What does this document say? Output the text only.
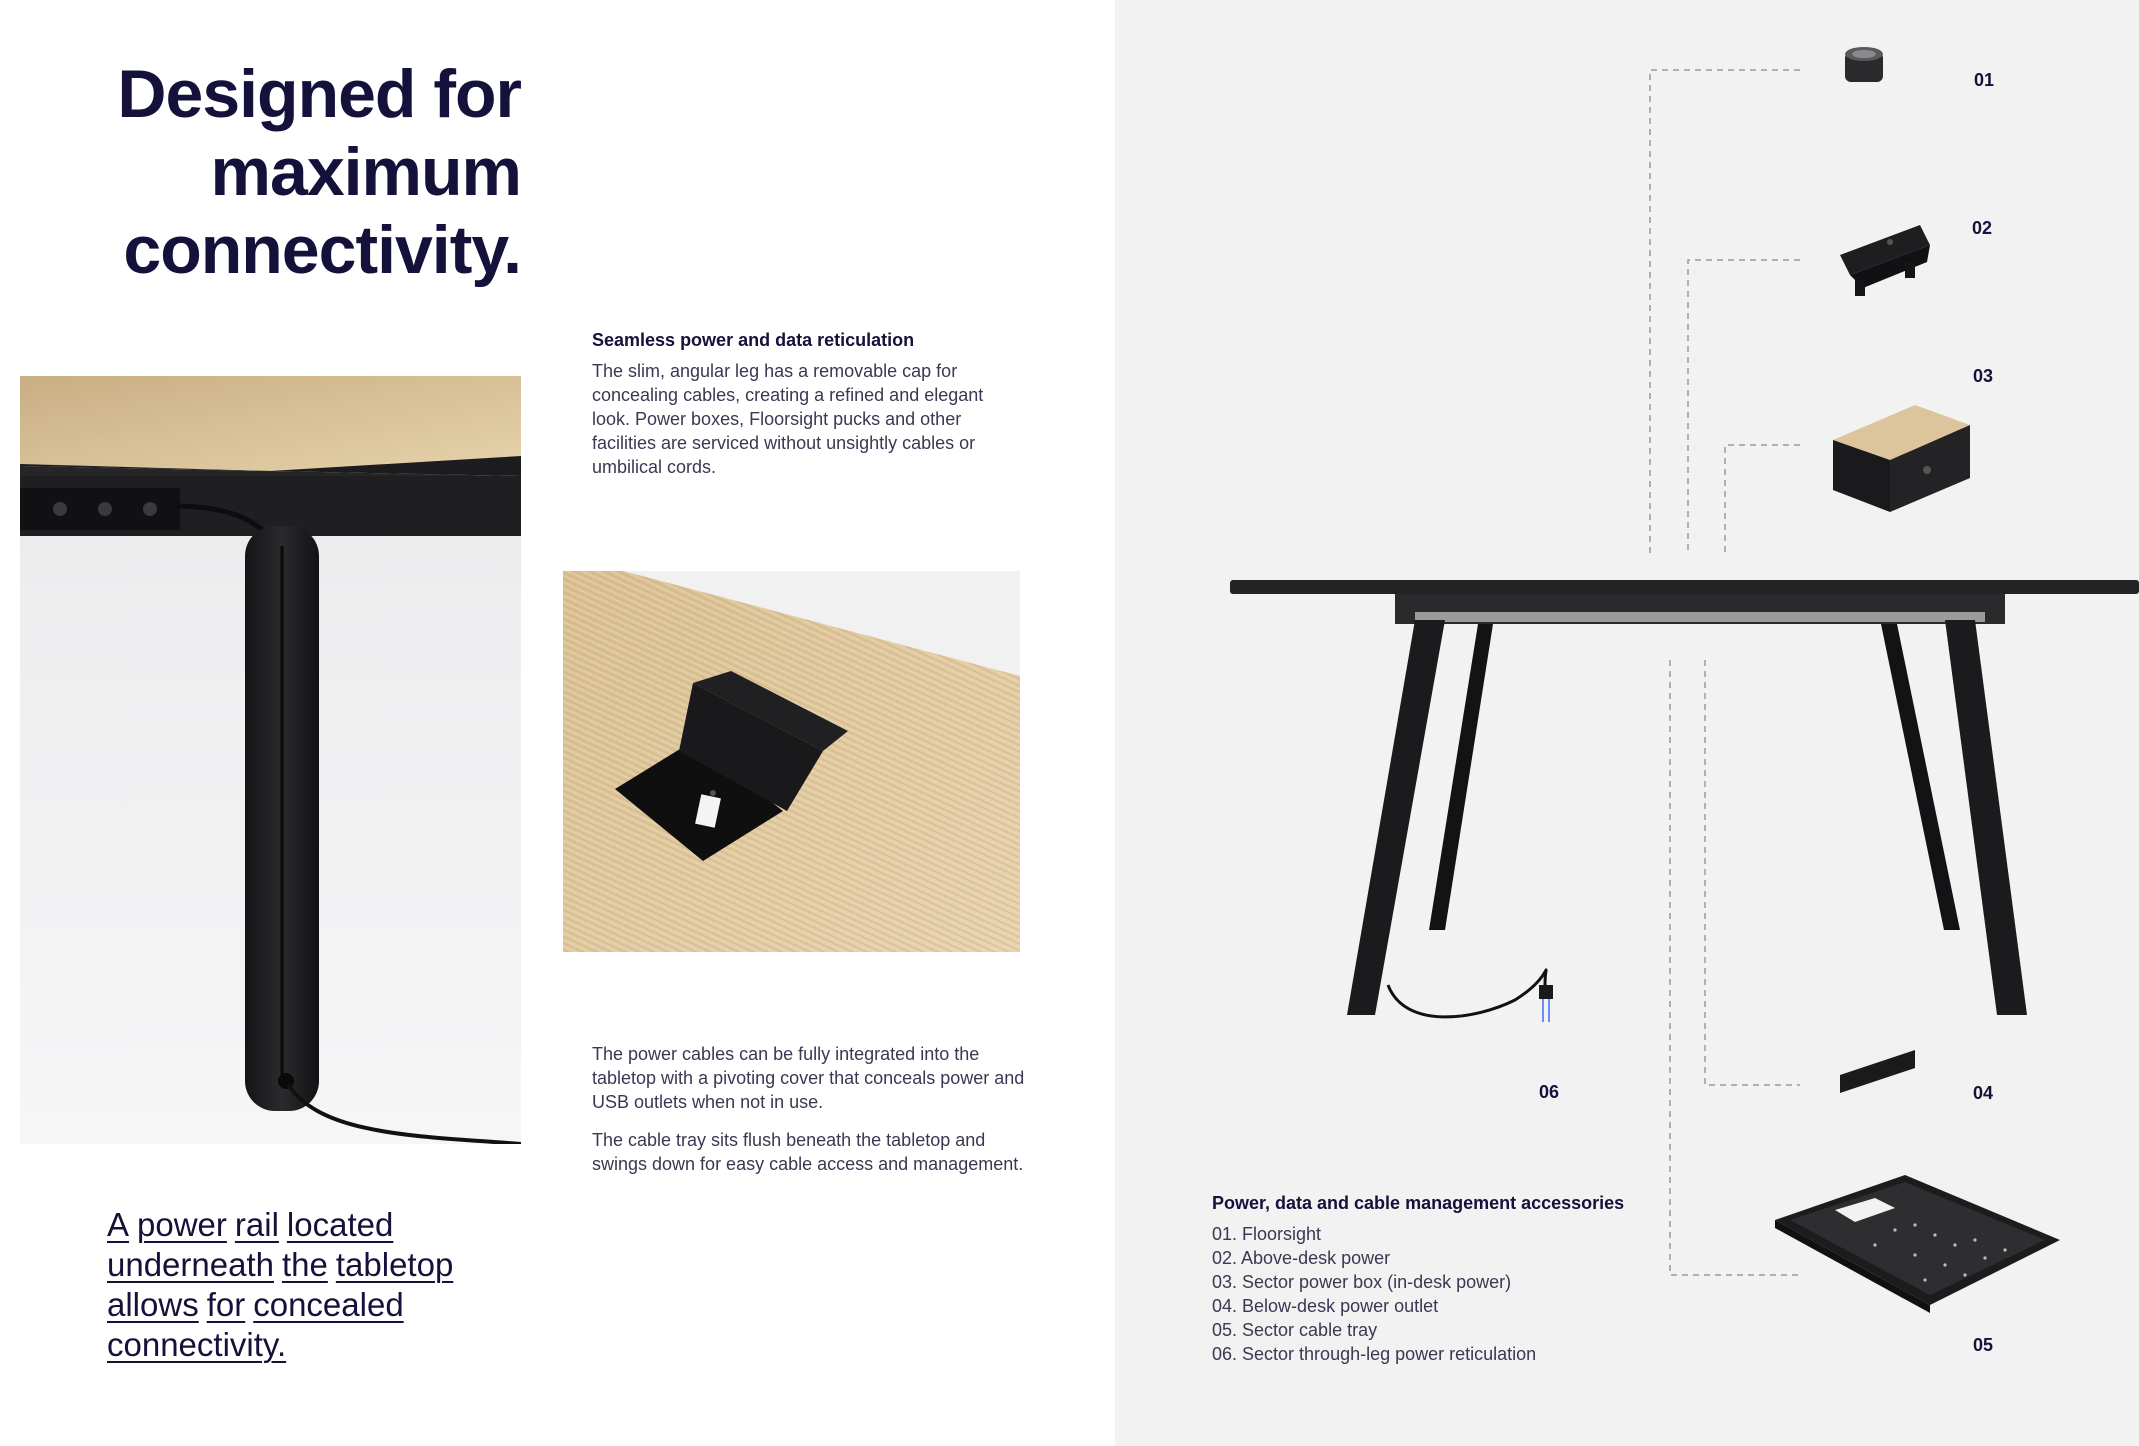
Designed for
maximum
connectivity.
Seamless power and data reticulation
The slim, angular leg has a removable cap for concealing cables, creating a refined and elegant look. Power boxes, Floorsight pucks and other facilities are serviced without unsightly cables or umbilical cords.

The power cables can be fully integrated into the tabletop with a pivoting cover that conceals power and USB outlets when not in use.

The cable tray sits flush beneath the tabletop and swings down for easy cable access and management.

A power rail located
underneath the tabletop
allows for concealed
connectivity.
01
02
03
04
05
06
Power, data and cable management accessories
01. Floorsight
02. Above-desk power
03. Sector power box (in-desk power)
04. Below-desk power outlet
05. Sector cable tray
06. Sector through-leg power reticulation
